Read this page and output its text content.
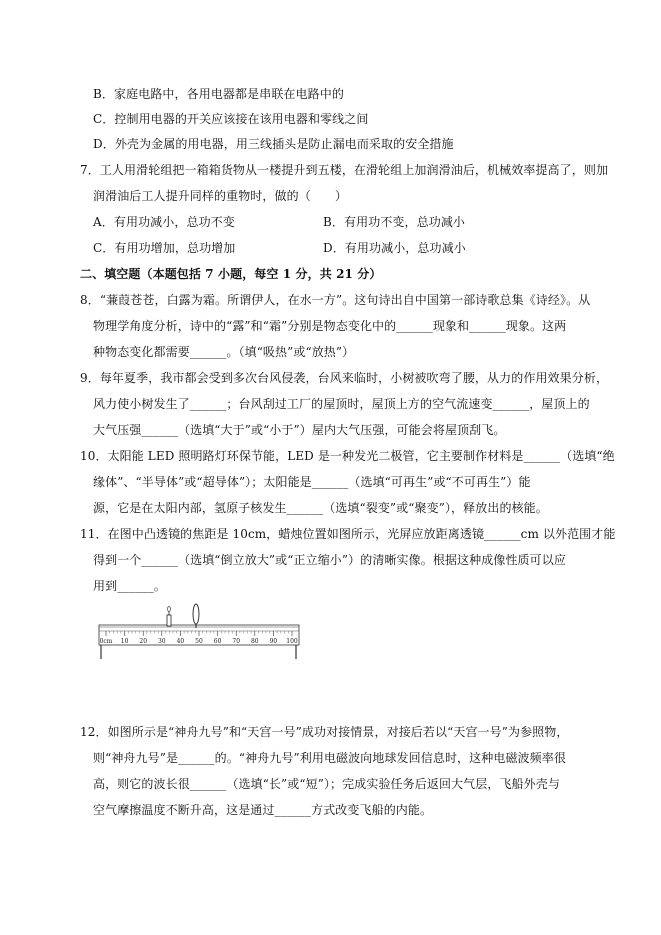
B．家庭电路中，各用电器都是串联在电路中的
C．控制用电器的开关应该接在该用电器和零线之间
D．外壳为金属的用电器，用三线插头是防止漏电而采取的安全措施
7．工人用滑轮组把一箱箱货物从一楼提升到五楼，在滑轮组上加润滑油后，机械效率提高了，则加
润滑油后工人提升同样的重物时，做的（　　）
A．有用功减小，总功不变	B．有用功不变，总功减小
C．有用功增加，总功增加	D．有用功减小，总功减小
二、填空题（本题包括 7 小题，每空 1 分，共 21 分）
8．“蒹葭苍苍，白露为霜。所谓伊人，在水一方”。这句诗出自中国第一部诗歌总集《诗经》。从
物理学角度分析，诗中的“露”和“霜”分别是物态变化中的______现象和______现象。这两
种物态变化都需要______。（填“吸热”或“放热”）
9．每年夏季，我市都会受到多次台风侵袭，台风来临时，小树被吹弯了腰，从力的作用效果分析，
风力使小树发生了______；台风刮过工厂的屋顶时，屋顶上方的空气流速变______，屋顶上的
大气压强______（选填“大于”或“小于”）屋内大气压强，可能会将屋顶刮飞。
10．太阳能 LED 照明路灯环保节能，LED 是一种发光二极管，它主要制作材料是______（选填“绝
缘体”、“半导体”或“超导体”）；太阳能是______（选填“可再生”或“不可再生”）能
源，它是在太阳内部，氢原子核发生______（选填“裂变”或“聚变”），释放出的核能。
11．在图中凸透镜的焦距是 10cm，蜡烛位置如图所示，光屏应放距离透镜______cm 以外范围才能
得到一个______（选填“倒立放大”或“正立缩小”）的清晰实像。根据这种成像性质可以应
用到______。
0cm 10 20 30 40 50 60 70 80 90 100
12．如图所示是“神舟九号”和“天宫一号”成功对接情景，对接后若以“天宫一号”为参照物，
则“神舟九号”是______的。“神舟九号”利用电磁波向地球发回信息时，这种电磁波频率很
高，则它的波长很______（选填“长”或“短”）；完成实验任务后返回大气层，飞船外壳与
空气摩擦温度不断升高，这是通过______方式改变飞船的内能。
